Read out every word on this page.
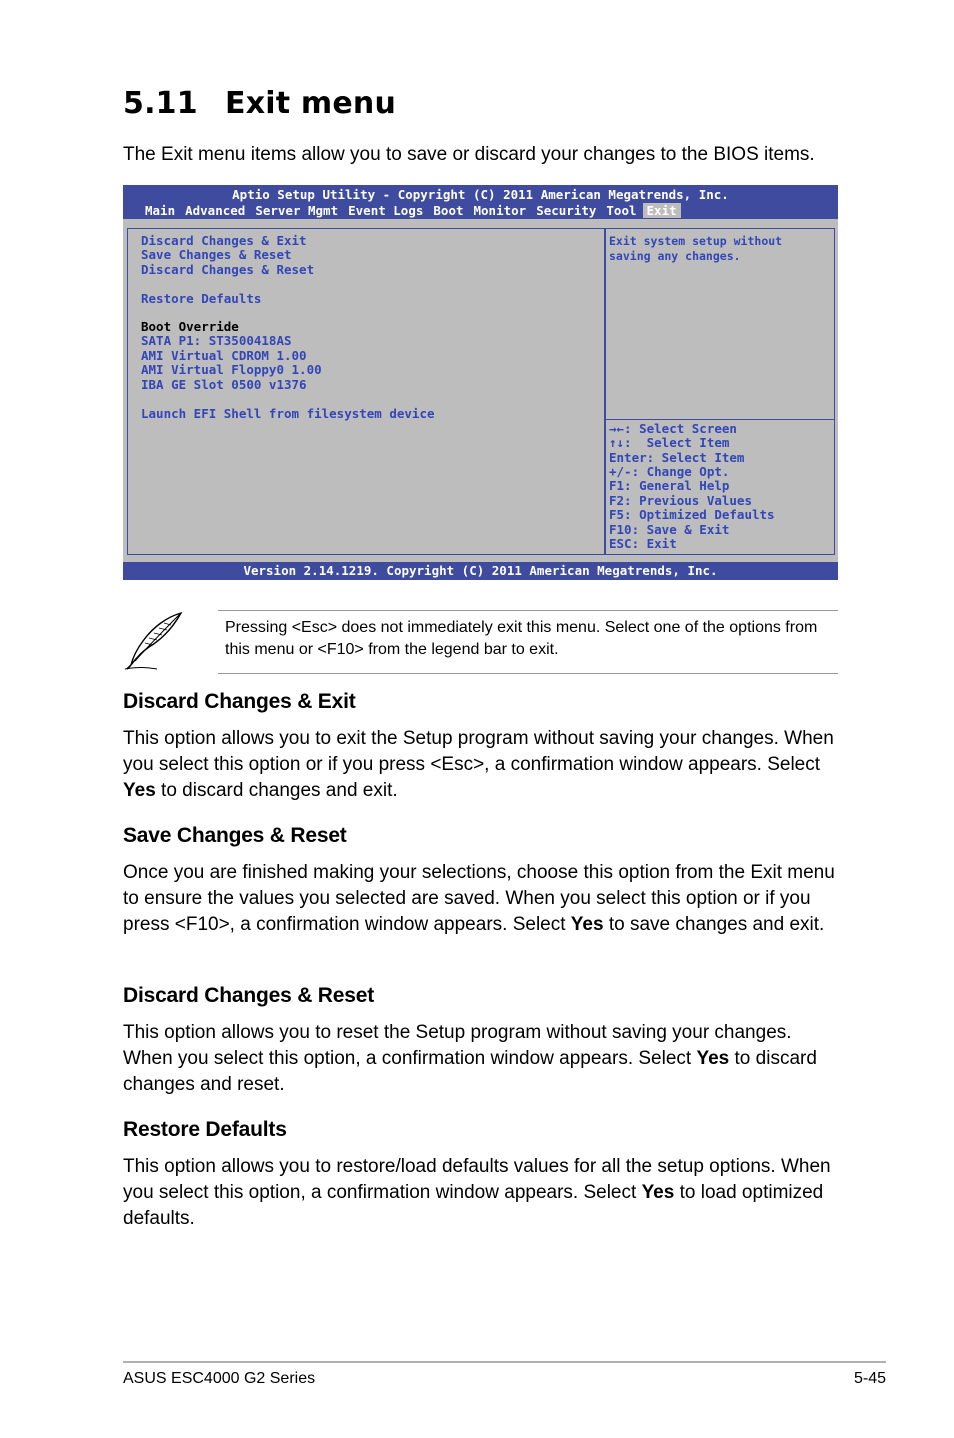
5.11 Exit menu

The Exit menu items allow you to save or discard your changes to the BIOS items.

Aptio Setup Utility - Copyright (C) 2011 American Megatrends, Inc.
Main Advanced Server Mgmt Event Logs Boot Monitor Security Tool Exit
Discard Changes & Exit
Save Changes & Reset
Discard Changes & Reset
Restore Defaults
Boot Override
SATA P1: ST3500418AS
AMI Virtual CDROM 1.00
AMI Virtual Floppy0 1.00
IBA GE Slot 0500 v1376
Launch EFI Shell from filesystem device
Exit system setup without
saving any changes.
→←: Select Screen
↑↓:  Select Item
Enter: Select Item
+/-: Change Opt.
F1: General Help
F2: Previous Values
F5: Optimized Defaults
F10: Save & Exit
ESC: Exit
Version 2.14.1219. Copyright (C) 2011 American Megatrends, Inc.

Pressing <Esc> does not immediately exit this menu. Select one of the options from this menu or <F10> from the legend bar to exit.

Discard Changes & Exit

This option allows you to exit the Setup program without saving your changes. When you select this option or if you press <Esc>, a confirmation window appears. Select Yes to discard changes and exit.

Save Changes & Reset

Once you are finished making your selections, choose this option from the Exit menu to ensure the values you selected are saved. When you select this option or if you press <F10>, a confirmation window appears. Select Yes to save changes and exit.

Discard Changes & Reset

This option allows you to reset the Setup program without saving your changes. When you select this option, a confirmation window appears. Select Yes to discard changes and reset.

Restore Defaults

This option allows you to restore/load defaults values for all the setup options. When you select this option, a confirmation window appears. Select Yes to load optimized defaults.

ASUS ESC4000 G2 Series	5-45
